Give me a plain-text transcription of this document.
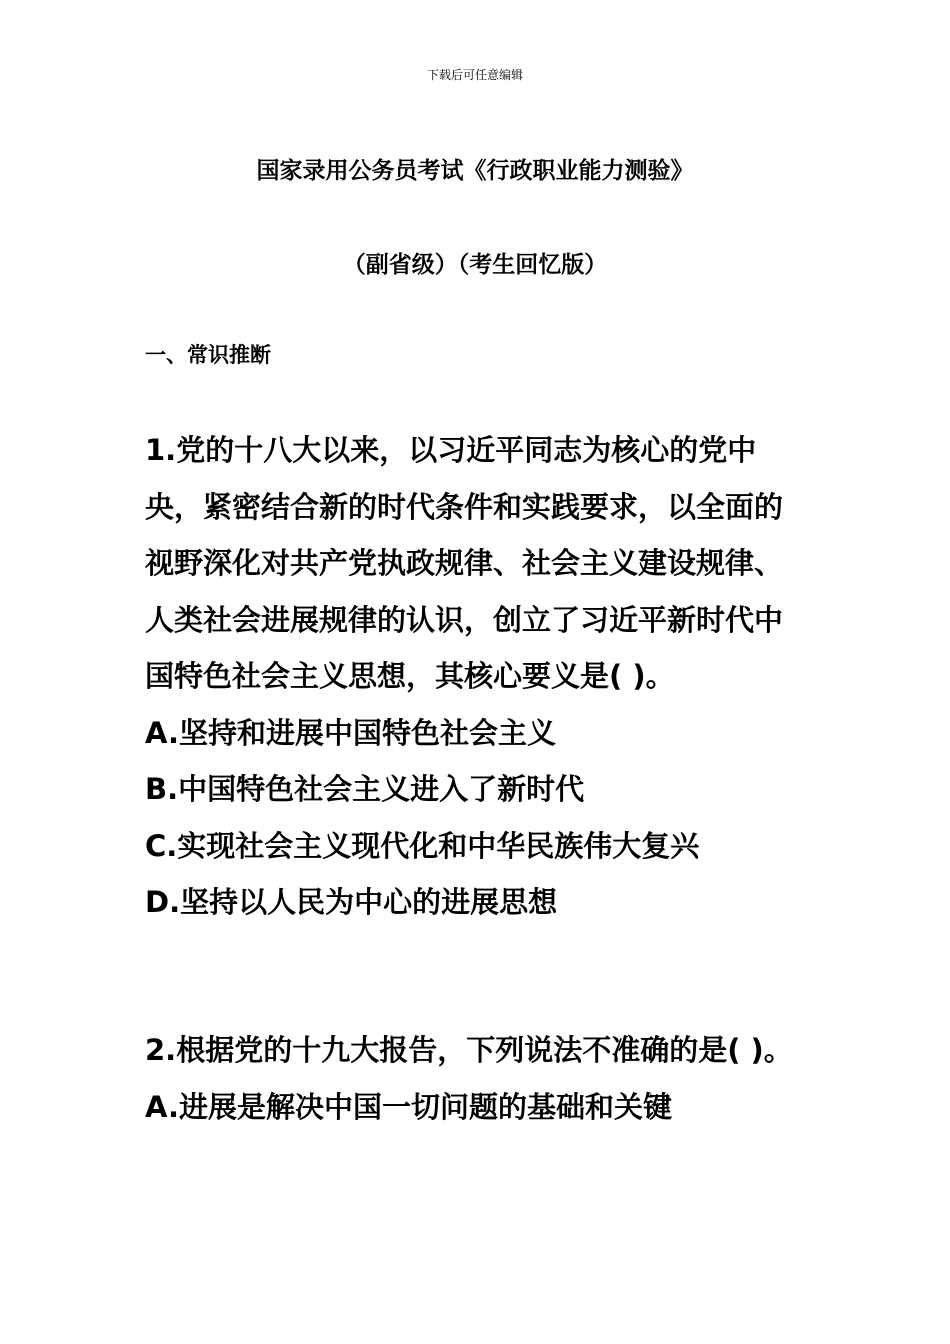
下载后可任意编辑
国家录用公务员考试《行政职业能力测验》
（副省级）（考生回忆版）
一、常识推断

1.党的十八大以来，以习近平同志为核心的党中央，紧密结合新的时代条件和实践要求，以全面的视野深化对共产党执政规律、社会主义建设规律、人类社会进展规律的认识，创立了习近平新时代中国特色社会主义思想，其核心要义是( )。

A.坚持和进展中国特色社会主义

B.中国特色社会主义进入了新时代

C.实现社会主义现代化和中华民族伟大复兴

D.坚持以人民为中心的进展思想

2.根据党的十九大报告，下列说法不准确的是( )。

A.进展是解决中国一切问题的基础和关键
